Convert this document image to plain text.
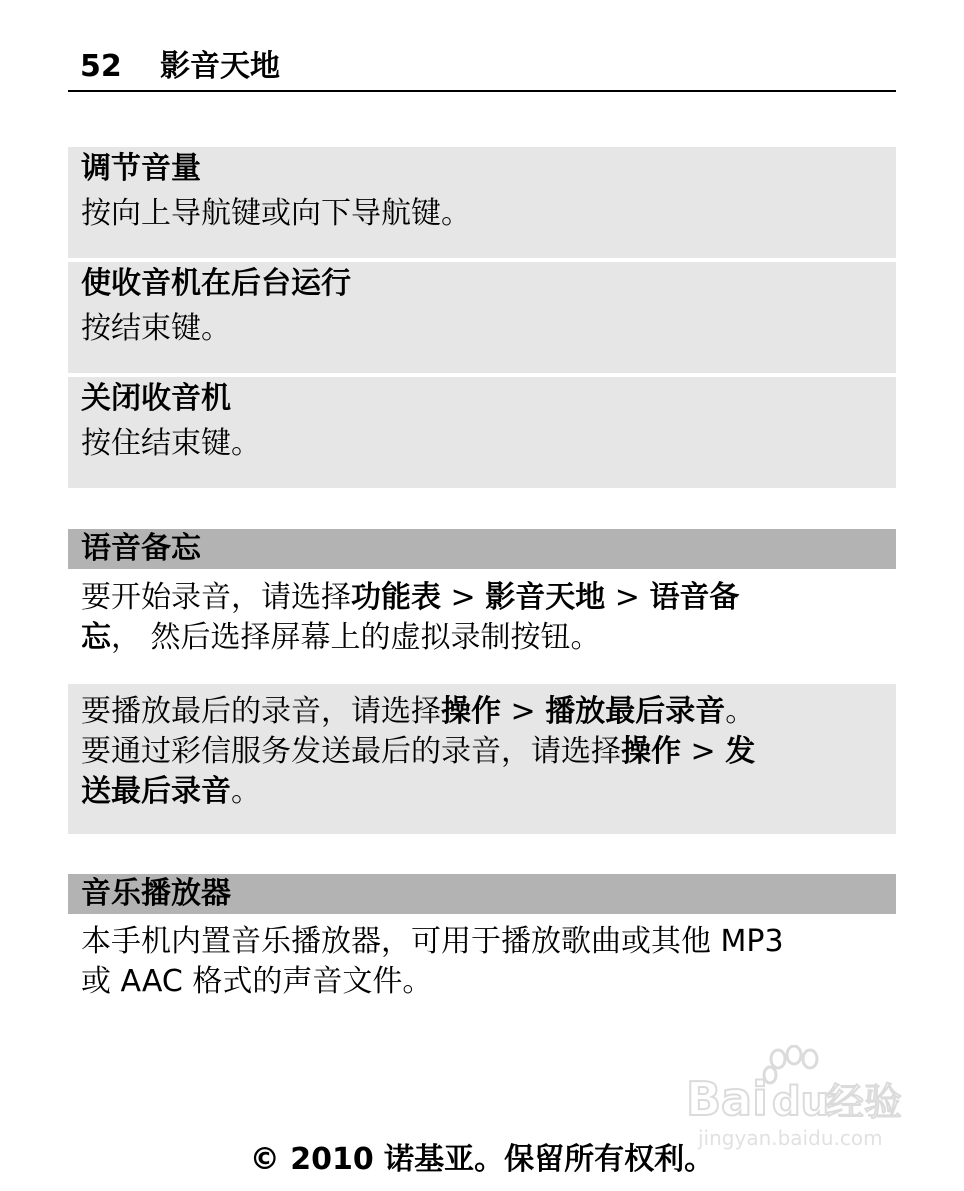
52 影音天地
调节音量
按向上导航键或向下导航键。
使收音机在后台运行
按结束键。
关闭收音机
按住结束键。
语音备忘
要开始录音，请选择功能表 > 影音天地 > 语音备
忘， 然后选择屏幕上的虚拟录制按钮。
要播放最后的录音，请选择操作 > 播放最后录音。
要通过彩信服务发送最后的录音，请选择操作 > 发
送最后录音。
音乐播放器
本手机内置音乐播放器，可用于播放歌曲或其他 MP3
或 AAC 格式的声音文件。
Bai du
经验
jingyan.baidu.com
© 2010 诺基亚。保留所有权利。
